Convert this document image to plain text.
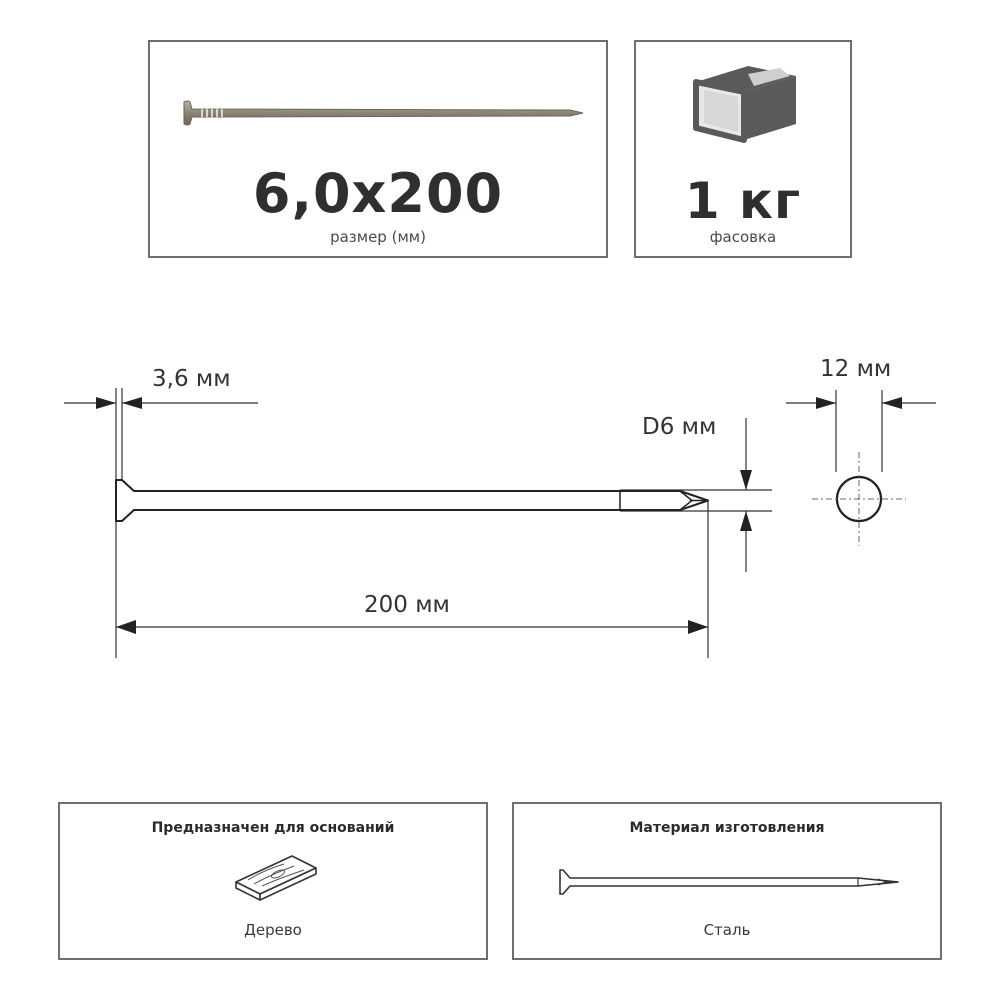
6,0x200
размер (мм)
1 кг
фасовка
3,6 мм	12 мм
D6 мм
200 мм
Предназначен для оснований
Дерево
Материал изготовления
Сталь
